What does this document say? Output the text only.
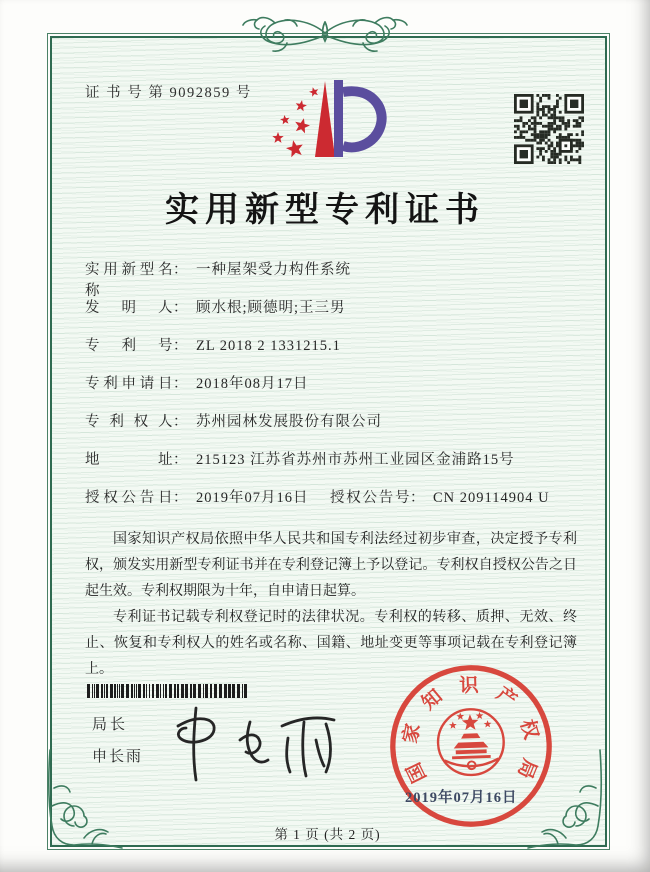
证 书 号 第 9092859 号
实用新型专利证书
实用新型名称： 一种屋架受力构件系统
发明人： 顾水根;顾德明;王三男
专利号： ZL 2018 2 1331215.1
专利申请日： 2018年08月17日
专利权人： 苏州园林发展股份有限公司
地址： 215123 江苏省苏州市苏州工业园区金浦路15号
授权公告日： 2019年07月16日 授权公告号： CN 209114904 U

国家知识产权局依照中华人民共和国专利法经过初步审查，决定授予专利权，颁发实用新型专利证书并在专利登记簿上予以登记。专利权自授权公告之日起生效。专利权期限为十年，自申请日起算。

专利证书记载专利权登记时的法律状况。专利权的转移、质押、无效、终止、恢复和专利权人的姓名或名称、国籍、地址变更等事项记载在专利登记簿上。

局长
申长雨
国
家
知 识 产
权
局
2019年07月16日
第 1 页 (共 2 页)
